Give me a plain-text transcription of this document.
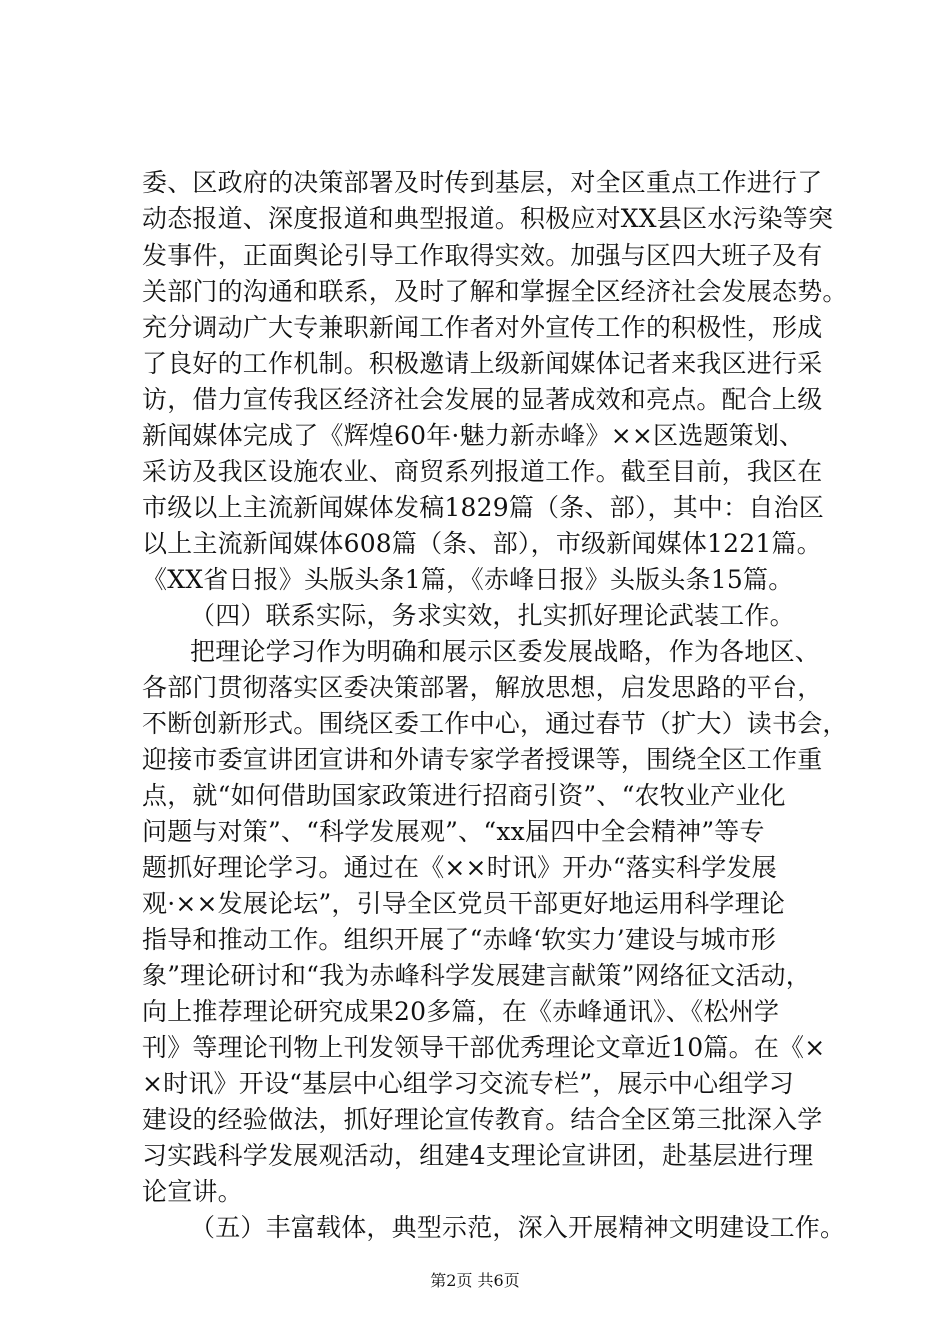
委、区政府的决策部署及时传到基层，对全区重点工作进行了
动态报道、深度报道和典型报道。积极应对XX县区水污染等突
发事件，正面舆论引导工作取得实效。加强与区四大班子及有
关部门的沟通和联系，及时了解和掌握全区经济社会发展态势。
充分调动广大专兼职新闻工作者对外宣传工作的积极性，形成
了良好的工作机制。积极邀请上级新闻媒体记者来我区进行采
访，借力宣传我区经济社会发展的显著成效和亮点。配合上级
新闻媒体完成了《辉煌60年·魅力新赤峰》××区选题策划、
采访及我区设施农业、商贸系列报道工作。截至目前，我区在
市级以上主流新闻媒体发稿1829篇（条、部），其中：自治区
以上主流新闻媒体608篇（条、部），市级新闻媒体1221篇。
《XX省日报》头版头条1篇，《赤峰日报》头版头条15篇。
（四）联系实际，务求实效，扎实抓好理论武装工作。
把理论学习作为明确和展示区委发展战略，作为各地区、
各部门贯彻落实区委决策部署，解放思想，启发思路的平台，
不断创新形式。围绕区委工作中心，通过春节（扩大）读书会，
迎接市委宣讲团宣讲和外请专家学者授课等，围绕全区工作重
点，就“如何借助国家政策进行招商引资”、“农牧业产业化
问题与对策”、“科学发展观”、“xx届四中全会精神”等专
题抓好理论学习。通过在《××时讯》开办“落实科学发展
观·××发展论坛”，引导全区党员干部更好地运用科学理论
指导和推动工作。组织开展了“赤峰‘软实力’建设与城市形
象”理论研讨和“我为赤峰科学发展建言献策”网络征文活动，
向上推荐理论研究成果20多篇，在《赤峰通讯》、《松州学
刊》等理论刊物上刊发领导干部优秀理论文章近10篇。在《×
×时讯》开设“基层中心组学习交流专栏”，展示中心组学习
建设的经验做法，抓好理论宣传教育。结合全区第三批深入学
习实践科学发展观活动，组建4支理论宣讲团，赴基层进行理
论宣讲。
（五）丰富载体，典型示范，深入开展精神文明建设工作。
第2页 共6页
